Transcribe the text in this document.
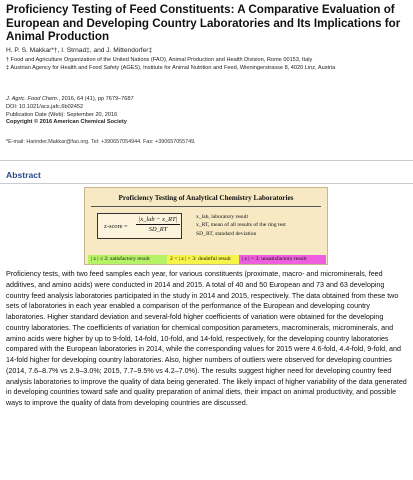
Proficiency Testing of Feed Constituents: A Comparative Evaluation of European and Developing Country Laboratories and Its Implications for Animal Production
H. P. S. Makkar*†, I. Strnad‡, and J. Mittendorfer‡
† Food and Agriculture Organization of the United Nations (FAO), Animal Production and Health Division, Rome 00153, Italy
‡ Austrian Agency for Health and Food Safety (AGES), Institute for Animal Nutrition and Feed, Wieningerstrasse 8, 4020 Linz, Austria
J. Agric. Food Chem., 2016, 64 (41), pp 7679–7687
DOI: 10.1021/acs.jafc.6b02452
Publication Date (Web): September 20, 2016
Copyright © 2016 American Chemical Society
*E-mail: Harinder.Makkar@fao.org. Tel: +390657054944. Fax: +390657055749.
Abstract
Proficiency Testing of Analytical Chemistry Laboratories
z-score =
|x_lab − x_RT|
SD_RT
x_lab, laboratory result
x_RT, mean of all results of the ring test
SD_RT, standard deviation
| z | ≤ 2: satisfactory result	2 < | z | < 3: doubtful result	| z | > 3: unsatisfactory result
Proficiency tests, with two feed samples each year, for various constituents (proximate, macro- and microminerals, feed additives, and amino acids) were conducted in 2014 and 2015. A total of 40 and 50 European and 73 and 63 developing country feed analysis laboratories participated in the study in 2014 and 2015, respectively. The data obtained from these two sets of laboratories in each year enabled a comparison of the performance of the European and developing country laboratories. Higher standard deviation and several-fold higher coefficients of variation were obtained for the developing country laboratories. The coefficients of variation for chemical composition parameters, macrominerals, microminerals, and amino acids were higher by up to 9-fold, 14-fold, 10-fold, and 14-fold, respectively, for the developing country laboratories compared with the European laboratories in 2014, while the corresponding values for 2015 were 4.6-fold, 4.4-fold, 9-fold, and 14-fold higher for developing country laboratories. Also, higher numbers of outliers were observed for developing countries (2014, 7.6–8.7% vs 2.9–3.0%; 2015, 7.7–9.5% vs 4.2–7.0%). The results suggest higher need for developing country feed analysis laboratories to improve the quality of data being generated. The likely impact of higher variability of the data generated in developing countries toward safe and quality preparation of animal diets, their impact on animal productivity, and possible ways to improve the quality of data from developing countries are discussed.
